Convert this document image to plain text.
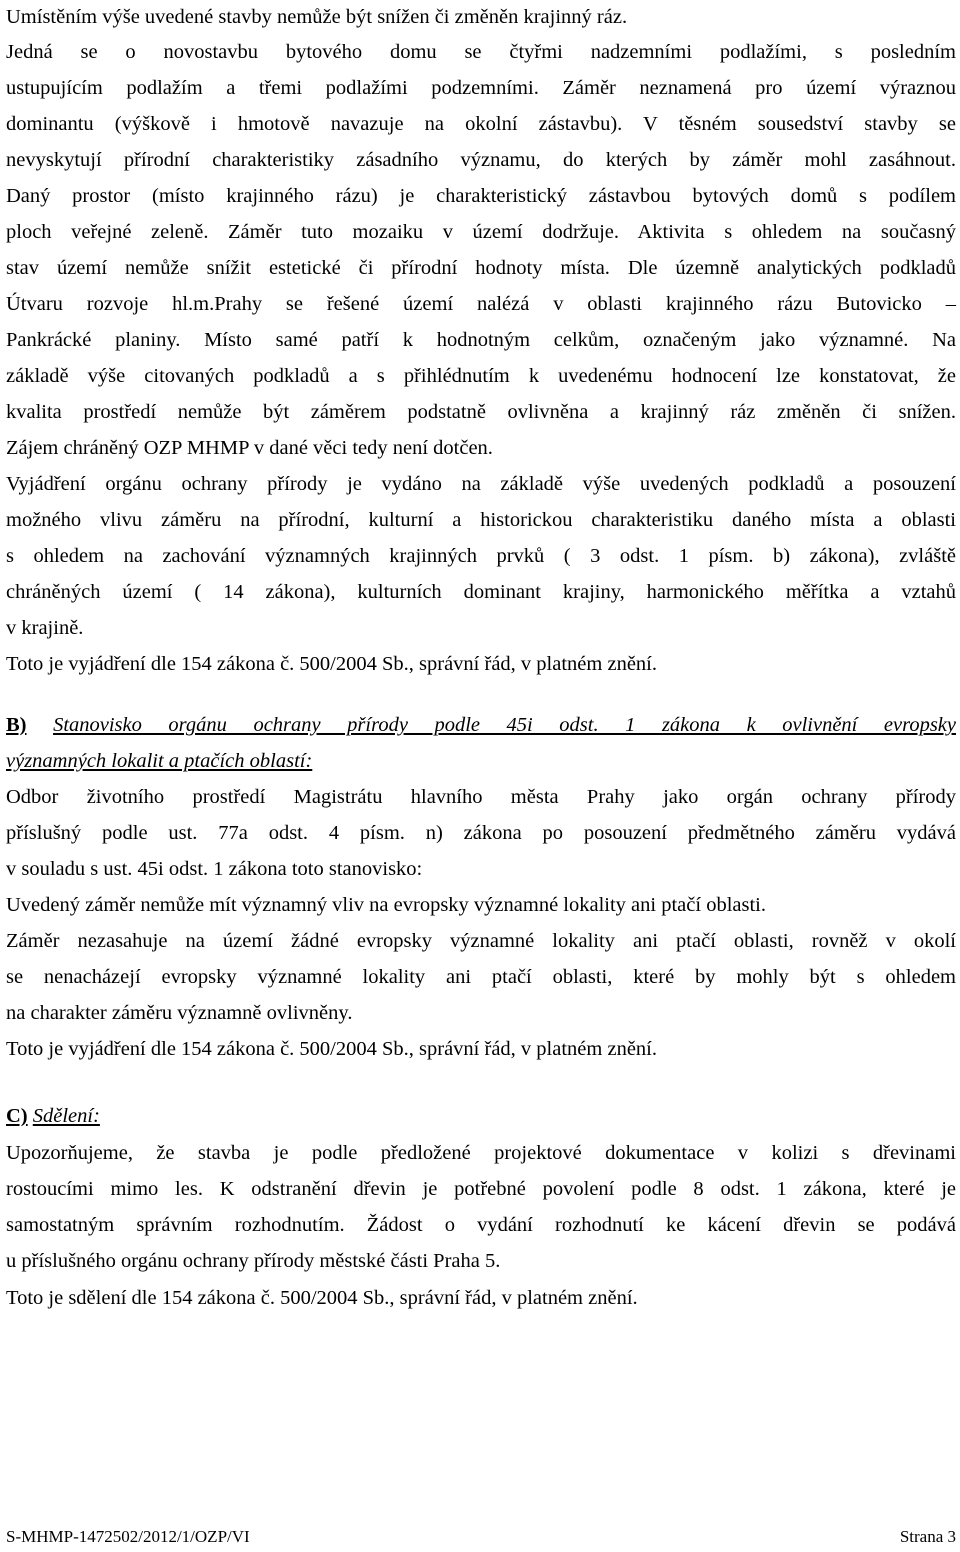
Umístěním výše uvedené stavby nemůže být snížen či změněn krajinný ráz.
Jedná se o novostavbu bytového domu se čtyřmi nadzemními podlažími, s posledním
ustupujícím podlažím a třemi podlažími podzemními. Záměr neznamená pro území výraznou
dominantu (výškově i hmotově navazuje na okolní zástavbu). V těsném sousedství stavby se
nevyskytují přírodní charakteristiky zásadního významu, do kterých by záměr mohl zasáhnout.
Daný prostor (místo krajinného rázu) je charakteristický zástavbou bytových domů s podílem
ploch veřejné zeleně. Záměr tuto mozaiku v území dodržuje. Aktivita s ohledem na současný
stav území nemůže snížit estetické či přírodní hodnoty místa. Dle územně analytických podkladů
Útvaru rozvoje hl.m.Prahy se řešené území nalézá v oblasti krajinného rázu Butovicko –
Pankrácké planiny. Místo samé patří k hodnotným celkům, označeným jako významné. Na
základě výše citovaných podkladů a s přihlédnutím k uvedenému hodnocení lze konstatovat, že
kvalita prostředí nemůže být záměrem podstatně ovlivněna a krajinný ráz změněn či snížen.
Zájem chráněný OZP MHMP v dané věci tedy není dotčen.
Vyjádření orgánu ochrany přírody je vydáno na základě výše uvedených podkladů a posouzení
možného vlivu záměru na přírodní, kulturní a historickou charakteristiku daného místa a oblasti
s ohledem na zachování významných krajinných prvků ( 3 odst. 1 písm. b) zákona), zvláště
chráněných území ( 14 zákona), kulturních dominant krajiny, harmonického měřítka a vztahů
v krajině.
Toto je vyjádření dle 154 zákona č. 500/2004 Sb., správní řád, v platném znění.
B) Stanovisko orgánu ochrany přírody podle 45i odst. 1 zákona k ovlivnění evropsky
významných lokalit a ptačích oblastí:
Odbor životního prostředí Magistrátu hlavního města Prahy jako orgán ochrany přírody
příslušný podle ust. 77a odst. 4 písm. n) zákona po posouzení předmětného záměru vydává
v souladu s ust. 45i odst. 1 zákona toto stanovisko:
Uvedený záměr nemůže mít významný vliv na evropsky významné lokality ani ptačí oblasti.
Záměr nezasahuje na území žádné evropsky významné lokality ani ptačí oblasti, rovněž v okolí
se nenacházejí evropsky významné lokality ani ptačí oblasti, které by mohly být s ohledem
na charakter záměru významně ovlivněny.
Toto je vyjádření dle 154 zákona č. 500/2004 Sb., správní řád, v platném znění.
C) Sdělení:
Upozorňujeme, že stavba je podle předložené projektové dokumentace v kolizi s dřevinami
rostoucími mimo les. K odstranění dřevin je potřebné povolení podle 8 odst. 1 zákona, které je
samostatným správním rozhodnutím. Žádost o vydání rozhodnutí ke kácení dřevin se podává
u příslušného orgánu ochrany přírody městské části Praha 5.
Toto je sdělení dle 154 zákona č. 500/2004 Sb., správní řád, v platném znění.
S-MHMP-1472502/2012/1/OZP/VI	Strana 3
